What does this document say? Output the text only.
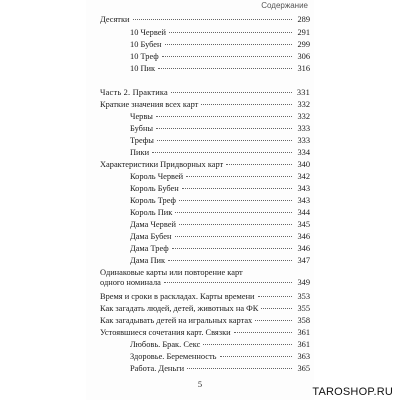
Содержание
Десятки	289
10 Червей	291
10 Бубен	299
10 Треф	306
10 Пик	316
Часть 2. Практика	331
Краткие значения всех карт	332
Червы	332
Бубны	333
Трефы	333
Пики	334
Характеристики Придворных карт	340
Король Червей	342
Король Бубен	343
Король Треф	343
Король Пик	344
Дама Червей	345
Дама Бубен	346
Дама Треф	346
Дама Пик	347
Одинаковые карты или повторение карт
одного номинала	349
Время и сроки в раскладах. Карты времени	353
Как загадать людей, детей, животных на ФК	355
Как загадывать детей на игральных картах	358
Устоявшиеся сочетания карт. Связки	361
Любовь. Брак. Секс	361
Здоровье. Беременность	363
Работа. Деньги	365
5
TAROSHOP.RU
